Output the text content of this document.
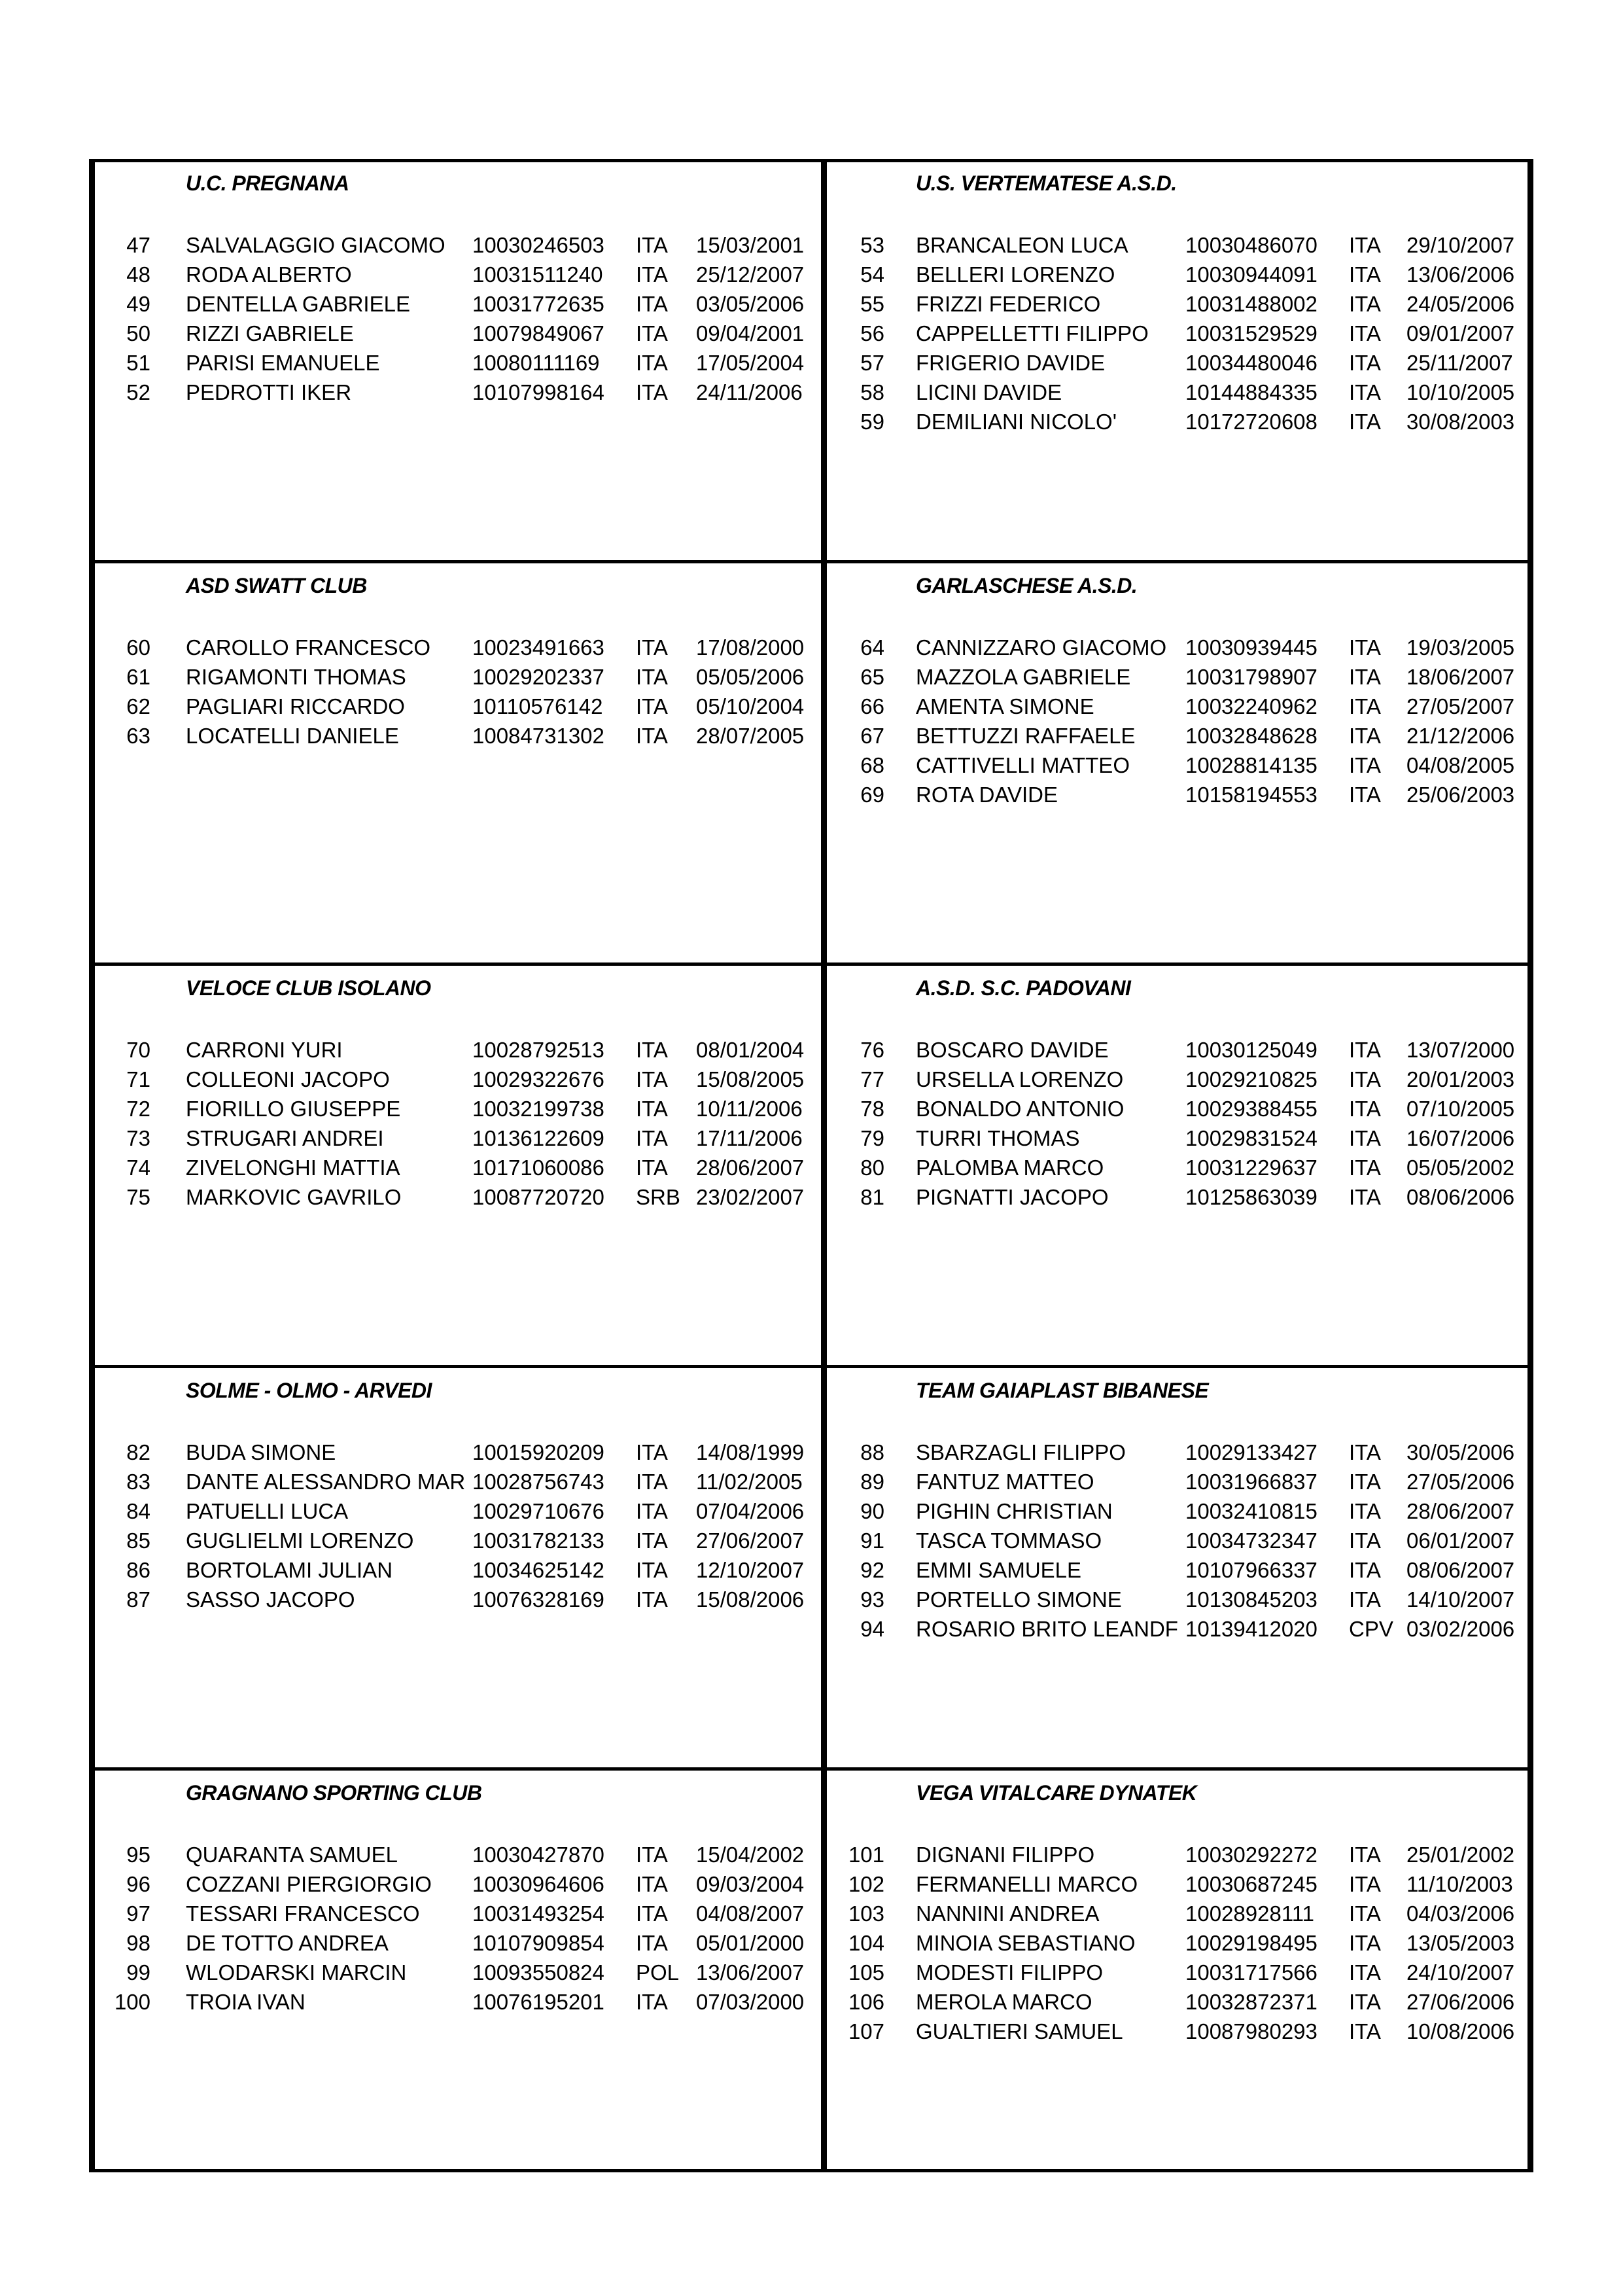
U.C. PREGNANA
47 SALVALAGGIO GIACOMO	10030246503 ITA 15/03/2001
48 RODA ALBERTO	10031511240 ITA 25/12/2007
49 DENTELLA GABRIELE	10031772635 ITA 03/05/2006
50 RIZZI GABRIELE	10079849067 ITA 09/04/2001
51 PARISI EMANUELE	10080111169 ITA 17/05/2004
52 PEDROTTI IKER	10107998164 ITA 24/11/2006
U.S. VERTEMATESE A.S.D.
53 BRANCALEON LUCA	10030486070 ITA 29/10/2007
54 BELLERI LORENZO	10030944091 ITA 13/06/2006
55 FRIZZI FEDERICO	10031488002 ITA 24/05/2006
56 CAPPELLETTI FILIPPO	10031529529 ITA 09/01/2007
57 FRIGERIO DAVIDE	10034480046 ITA 25/11/2007
58 LICINI DAVIDE	10144884335 ITA 10/10/2005
59 DEMILIANI NICOLO'	10172720608 ITA 30/08/2003
ASD SWATT CLUB
60 CAROLLO FRANCESCO	10023491663 ITA 17/08/2000
61 RIGAMONTI THOMAS	10029202337 ITA 05/05/2006
62 PAGLIARI RICCARDO	10110576142 ITA 05/10/2004
63 LOCATELLI DANIELE	10084731302 ITA 28/07/2005
GARLASCHESE A.S.D.
64 CANNIZZARO GIACOMO 10030939445 ITA 19/03/2005
65 MAZZOLA GABRIELE	10031798907 ITA 18/06/2007
66 AMENTA SIMONE	10032240962 ITA 27/05/2007
67 BETTUZZI RAFFAELE	10032848628 ITA 21/12/2006
68 CATTIVELLI MATTEO	10028814135 ITA 04/08/2005
69 ROTA DAVIDE	10158194553 ITA 25/06/2003
VELOCE CLUB ISOLANO
70 CARRONI YURI	10028792513 ITA 08/01/2004
71 COLLEONI JACOPO	10029322676 ITA 15/08/2005
72 FIORILLO GIUSEPPE	10032199738 ITA 10/11/2006
73 STRUGARI ANDREI	10136122609 ITA 17/11/2006
74 ZIVELONGHI MATTIA	10171060086 ITA 28/06/2007
75 MARKOVIC GAVRILO	10087720720 SRB 23/02/2007
A.S.D. S.C. PADOVANI
76 BOSCARO DAVIDE	10030125049 ITA 13/07/2000
77 URSELLA LORENZO	10029210825 ITA 20/01/2003
78 BONALDO ANTONIO	10029388455 ITA 07/10/2005
79 TURRI THOMAS	10029831524 ITA 16/07/2006
80 PALOMBA MARCO	10031229637 ITA 05/05/2002
81 PIGNATTI JACOPO	10125863039 ITA 08/06/2006
SOLME - OLMO - ARVEDI
82 BUDA SIMONE	10015920209 ITA 14/08/1999
83 DANTE ALESSANDRO MAR 10028756743 ITA 11/02/2005
84 PATUELLI LUCA	10029710676 ITA 07/04/2006
85 GUGLIELMI LORENZO	10031782133 ITA 27/06/2007
86 BORTOLAMI JULIAN	10034625142 ITA 12/10/2007
87 SASSO JACOPO	10076328169 ITA 15/08/2006
TEAM GAIAPLAST BIBANESE
88 SBARZAGLI FILIPPO	10029133427 ITA 30/05/2006
89 FANTUZ MATTEO	10031966837 ITA 27/05/2006
90 PIGHIN CHRISTIAN	10032410815 ITA 28/06/2007
91 TASCA TOMMASO	10034732347 ITA 06/01/2007
92 EMMI SAMUELE	10107966337 ITA 08/06/2007
93 PORTELLO SIMONE	10130845203 ITA 14/10/2007
94 ROSARIO BRITO LEANDF 10139412020 CPV 03/02/2006
GRAGNANO SPORTING CLUB
95 QUARANTA SAMUEL	10030427870 ITA 15/04/2002
96 COZZANI PIERGIORGIO	10030964606 ITA 09/03/2004
97 TESSARI FRANCESCO	10031493254 ITA 04/08/2007
98 DE TOTTO ANDREA	10107909854 ITA 05/01/2000
99 WLODARSKI MARCIN	10093550824 POL 13/06/2007
100 TROIA IVAN	10076195201 ITA 07/03/2000
VEGA VITALCARE DYNATEK
101 DIGNANI FILIPPO	10030292272 ITA 25/01/2002
102 FERMANELLI MARCO	10030687245 ITA 11/10/2003
103 NANNINI ANDREA	10028928111 ITA 04/03/2006
104 MINOIA SEBASTIANO	10029198495 ITA 13/05/2003
105 MODESTI FILIPPO	10031717566 ITA 24/10/2007
106 MEROLA MARCO	10032872371 ITA 27/06/2006
107 GUALTIERI SAMUEL	10087980293 ITA 10/08/2006
